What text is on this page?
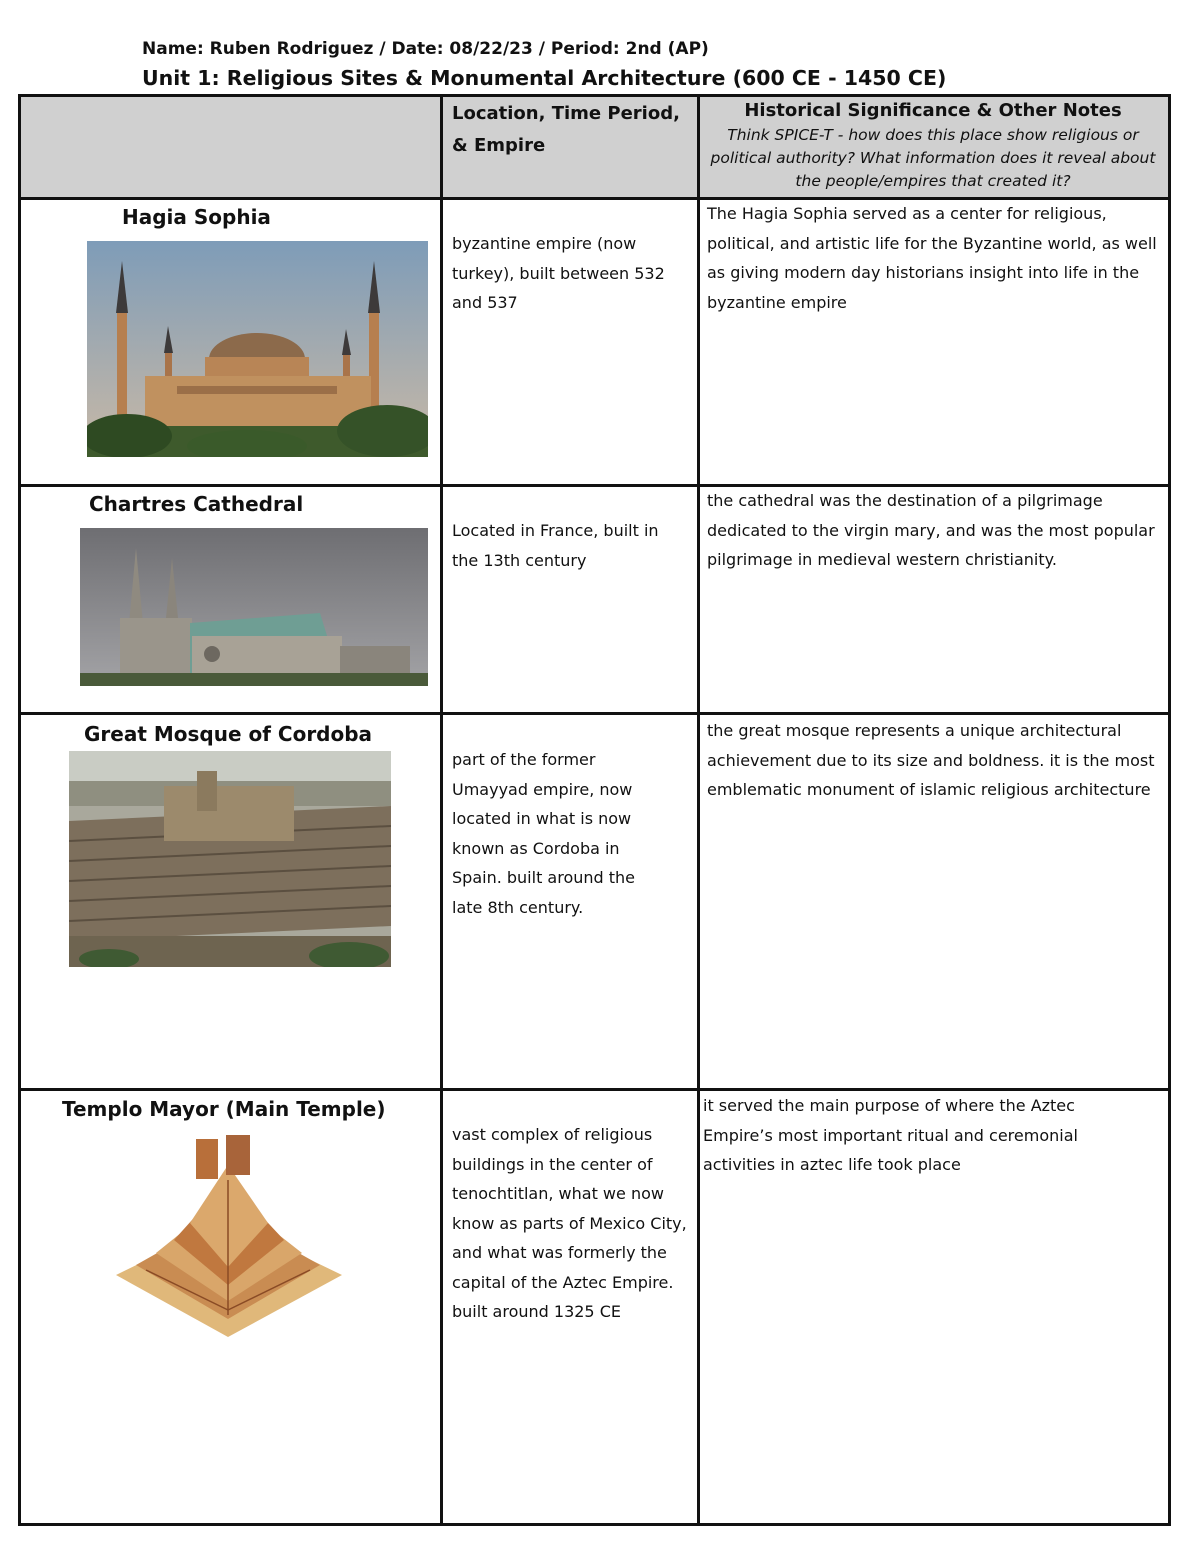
Name: Ruben Rodriguez / Date: 08/22/23 / Period: 2nd (AP)
Unit 1: Religious Sites & Monumental Architecture (600 CE - 1450 CE)
Location, Time Period, & Empire
Historical Significance & Other Notes
Think SPICE-T - how does this place show religious or political authority? What information does it reveal about the people/empires that created it?
Hagia Sophia
byzantine empire (now turkey), built between 532 and 537
The Hagia Sophia served as a center for religious, political, and artistic life for the Byzantine world, as well as giving modern day historians insight into life in the byzantine empire
Chartres Cathedral
Located in France, built in the 13th century
the cathedral was the destination of a pilgrimage dedicated to the virgin mary, and was the most popular pilgrimage in medieval western christianity.
Great Mosque of Cordoba
part of the former Umayyad empire, now located in what is now known as Cordoba in Spain. built around the late 8th century.
the great mosque represents a unique architectural achievement due to its size and boldness. it is the most emblematic monument of islamic religious architecture
Templo Mayor (Main Temple)
vast complex of religious buildings in the center of tenochtitlan, what we now know as parts of Mexico City, and what was formerly the capital of the Aztec Empire. built around 1325 CE
it served the main purpose of where the Aztec Empire’s most important ritual and ceremonial activities in aztec life took place
